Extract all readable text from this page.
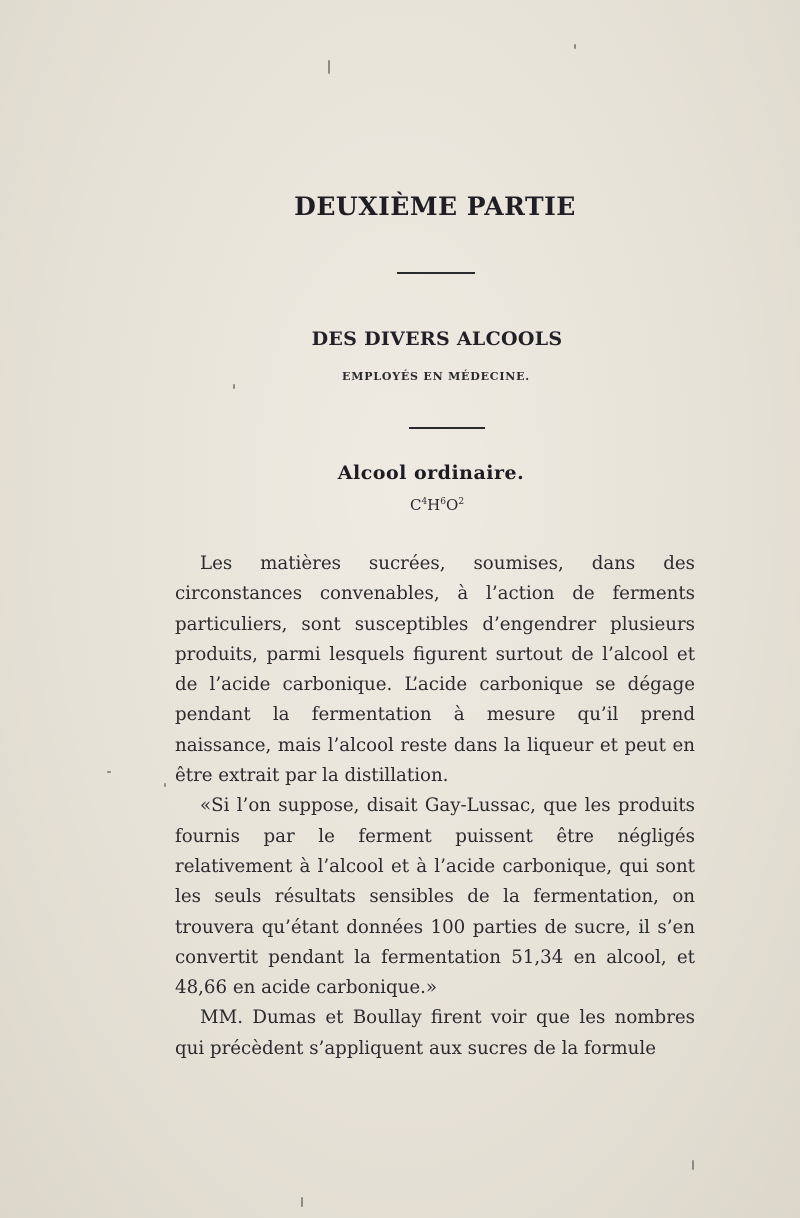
DEUXIÈME PARTIE
DES DIVERS ALCOOLS
EMPLOYÉS EN MÉDECINE.
Alcool ordinaire.
$C^4H^6O^2$

Les matières sucrées, soumises, dans des circonstances convenables, à l’action de ferments particuliers, sont susceptibles d’engendrer plusieurs produits, parmi lesquels figurent surtout de l’alcool et de l’acide carbonique. L’acide carbonique se dégage pendant la fermentation à mesure qu’il prend naissance, mais l’alcool reste dans la liqueur et peut en être extrait par la distillation.

«Si l’on suppose, disait Gay-Lussac, que les produits fournis par le ferment puissent être négligés relativement à l’alcool et à l’acide carbonique, qui sont les seuls résultats sensibles de la fermentation, on trouvera qu’étant données 100 parties de sucre, il s’en convertit pendant la fermentation 51,34 en alcool, et 48,66 en acide carbonique.»

MM. Dumas et Boullay firent voir que les nombres qui précèdent s’appliquent aux sucres de la formule
